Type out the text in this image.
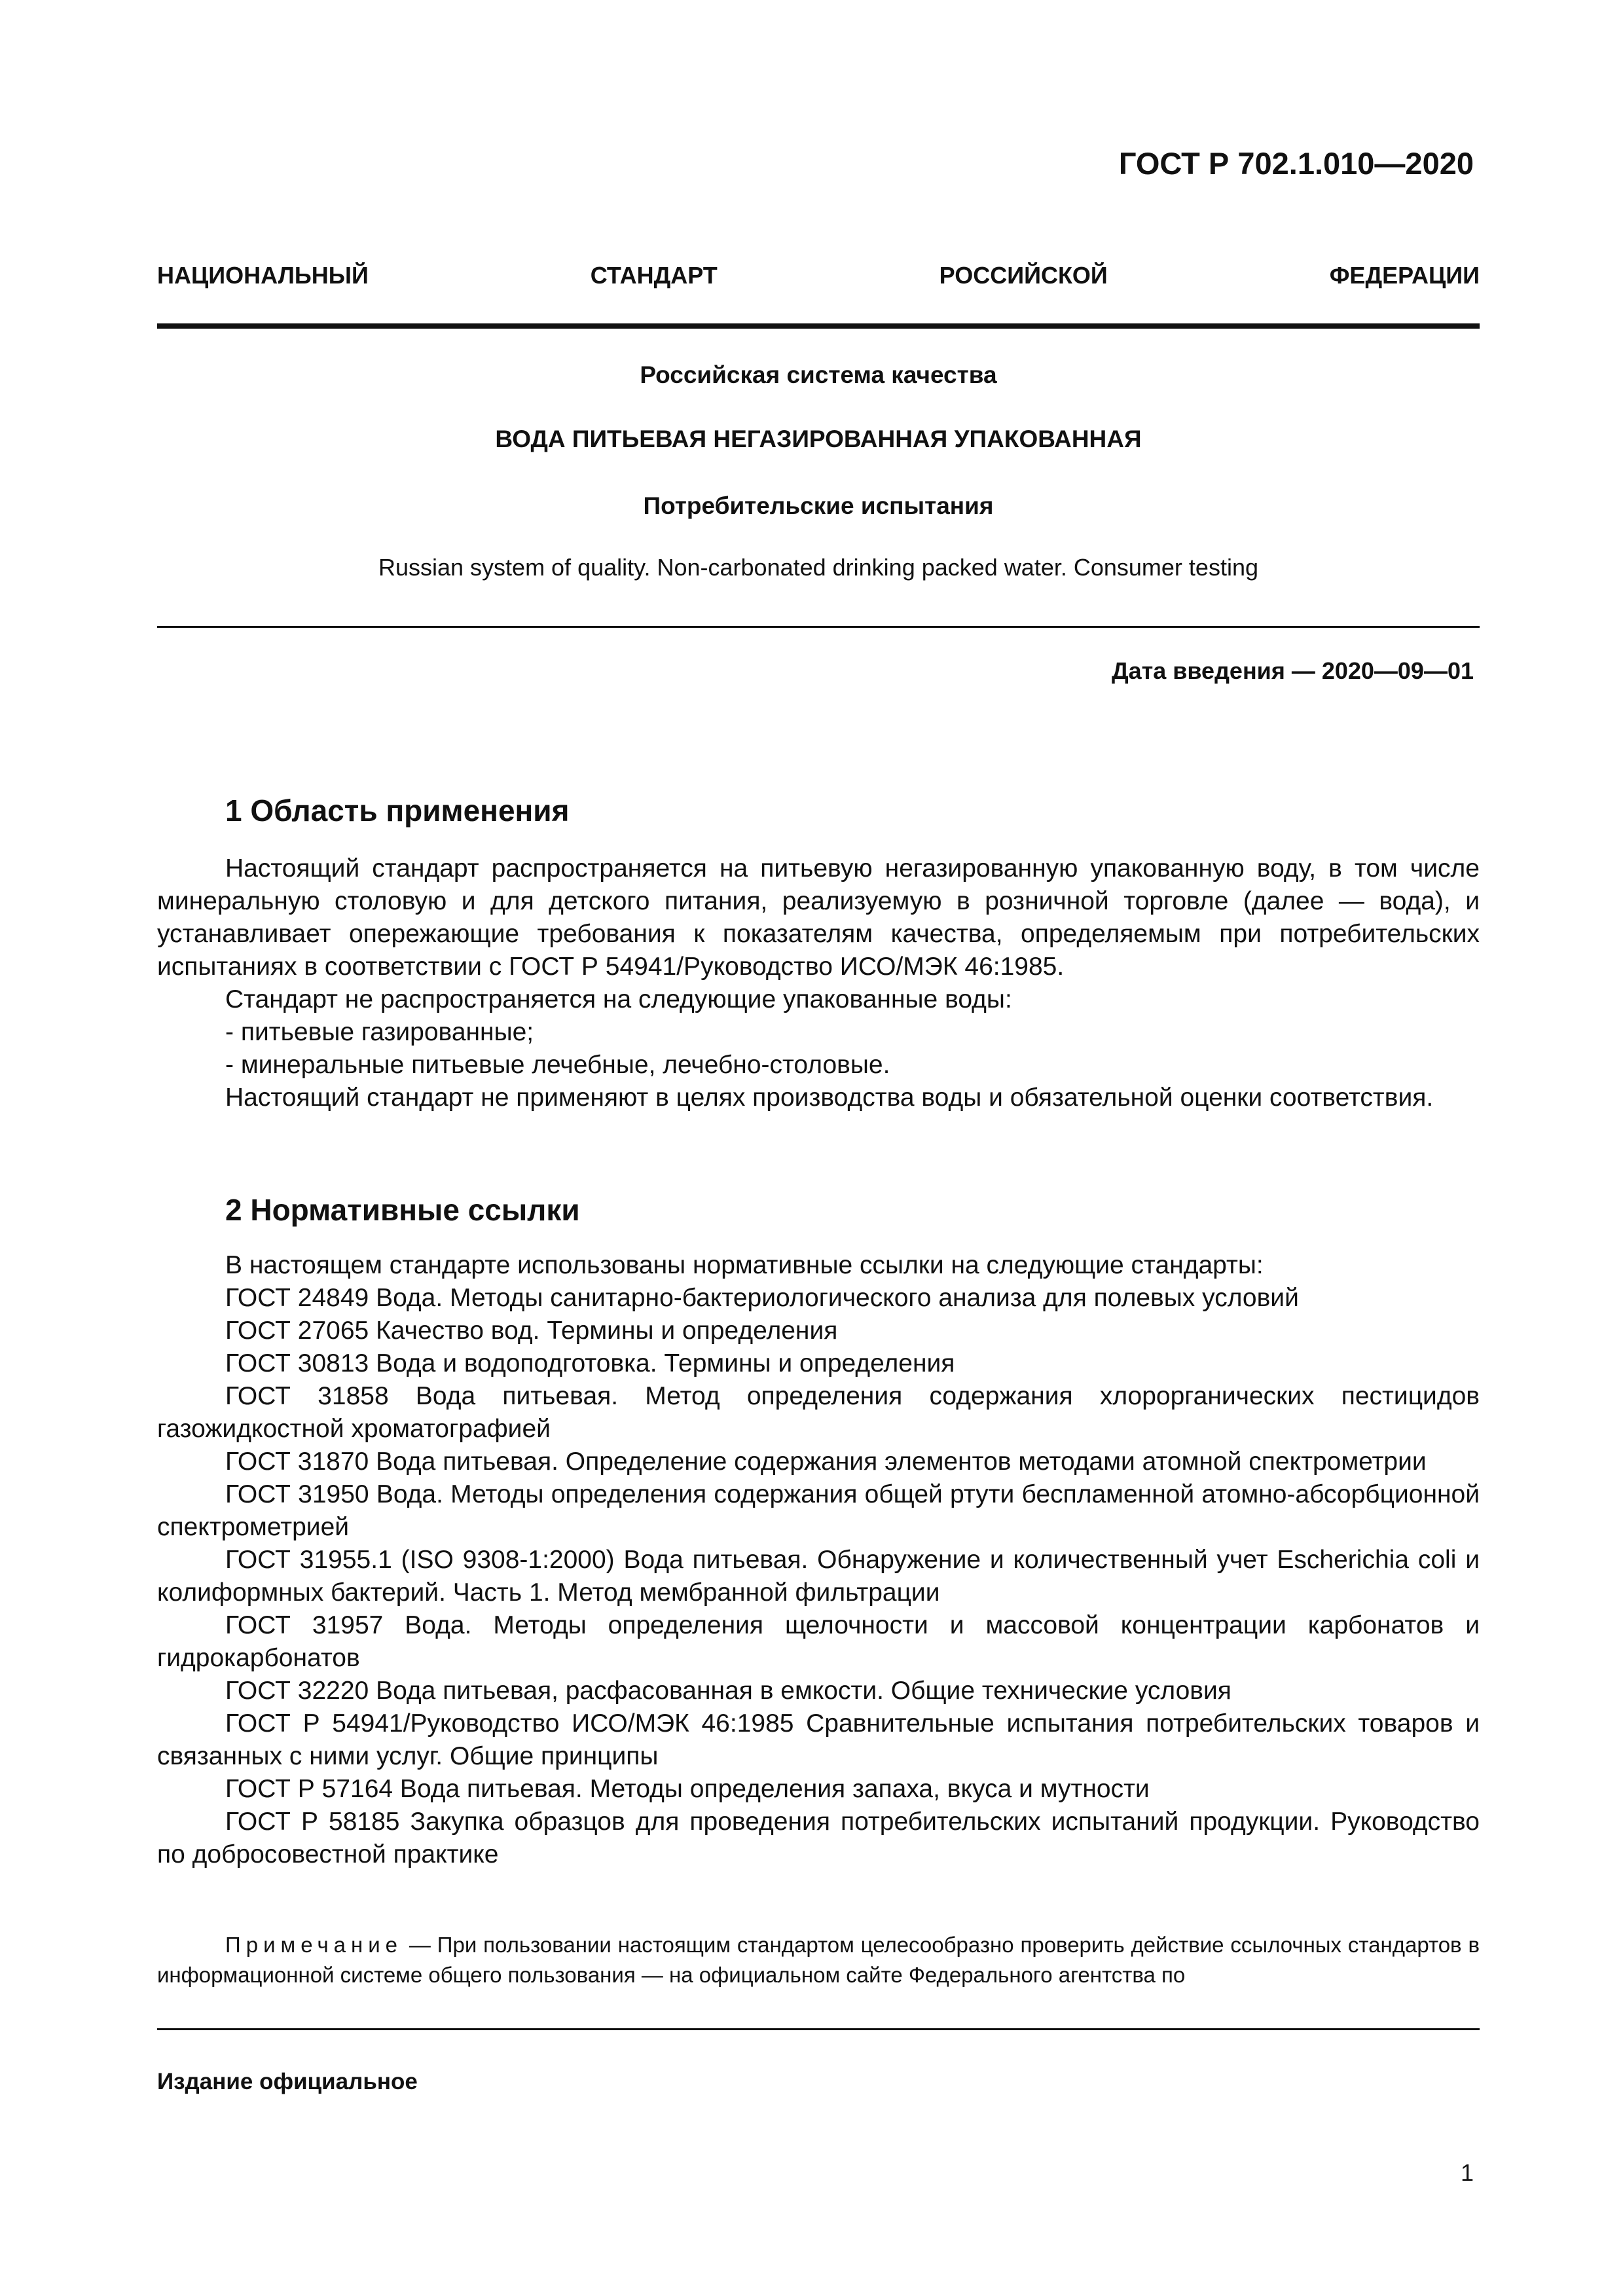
ГОСТ Р 702.1.010—2020
НАЦИОНАЛЬНЫЙ СТАНДАРТ РОССИЙСКОЙ ФЕДЕРАЦИИ
Российская система качества
ВОДА ПИТЬЕВАЯ НЕГАЗИРОВАННАЯ УПАКОВАННАЯ
Потребительские испытания
Russian system of quality. Non-carbonated drinking packed water. Consumer testing
Дата введения — 2020—09—01
1 Область применения

Настоящий стандарт распространяется на питьевую негазированную упакованную воду, в том числе минеральную столовую и для детского питания, реализуемую в розничной торговле (далее — вода), и устанавливает опережающие требования к показателям качества, определяемым при потребительских испытаниях в соответствии с ГОСТ Р 54941/Руководство ИСО/МЭК 46:1985.

Стандарт не распространяется на следующие упакованные воды:

- питьевые газированные;

- минеральные питьевые лечебные, лечебно-столовые.

Настоящий стандарт не применяют в целях производства воды и обязательной оценки соответствия.

2 Нормативные ссылки

В настоящем стандарте использованы нормативные ссылки на следующие стандарты:

ГОСТ 24849 Вода. Методы санитарно-бактериологического анализа для полевых условий

ГОСТ 27065 Качество вод. Термины и определения

ГОСТ 30813 Вода и водоподготовка. Термины и определения

ГОСТ 31858 Вода питьевая. Метод определения содержания хлорорганических пестицидов газожидкостной хроматографией

ГОСТ 31870 Вода питьевая. Определение содержания элементов методами атомной спектрометрии

ГОСТ 31950 Вода. Методы определения содержания общей ртути беспламенной атомно-абсорбционной спектрометрией

ГОСТ 31955.1 (ISO 9308-1:2000) Вода питьевая. Обнаружение и количественный учет Escherichia coli и колиформных бактерий. Часть 1. Метод мембранной фильтрации

ГОСТ 31957 Вода. Методы определения щелочности и массовой концентрации карбонатов и гидрокарбонатов

ГОСТ 32220 Вода питьевая, расфасованная в емкости. Общие технические условия

ГОСТ Р 54941/Руководство ИСО/МЭК 46:1985 Сравнительные испытания потребительских товаров и связанных с ними услуг. Общие принципы

ГОСТ Р 57164 Вода питьевая. Методы определения запаха, вкуса и мутности

ГОСТ Р 58185 Закупка образцов для проведения потребительских испытаний продукции. Руководство по добросовестной практике

Примечание — При пользовании настоящим стандартом целесообразно проверить действие ссылочных стандартов в информационной системе общего пользования — на официальном сайте Федерального агентства по
Издание официальное
1
